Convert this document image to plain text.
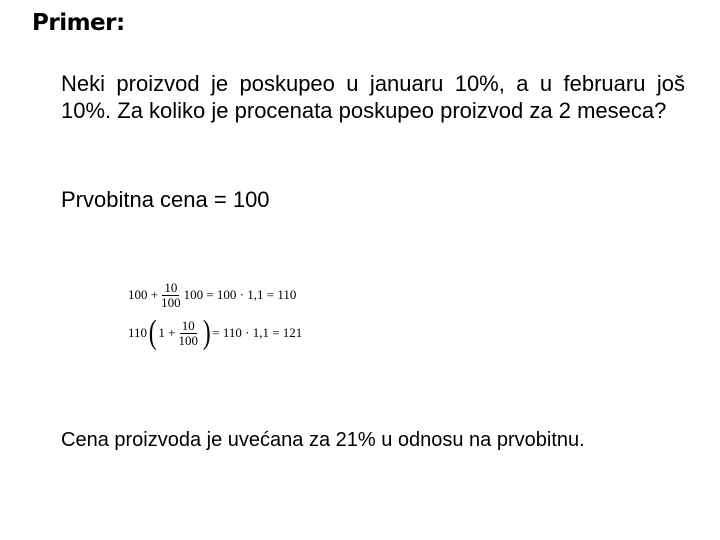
Primer:
Neki proizvod je poskupeo u januaru 10%, a u februaru još 10%. Za koliko je procenata poskupeo proizvod za 2 meseca?
Prvobitna cena = 100
$100 + \frac{10}{100} 100 = 100 \cdot 1,1 = 110$
110 ( $1 + \frac{10}{100}$ ) = 110 · 1,1 = 121
Cena proizvoda je uvećana za 21% u odnosu na prvobitnu.
